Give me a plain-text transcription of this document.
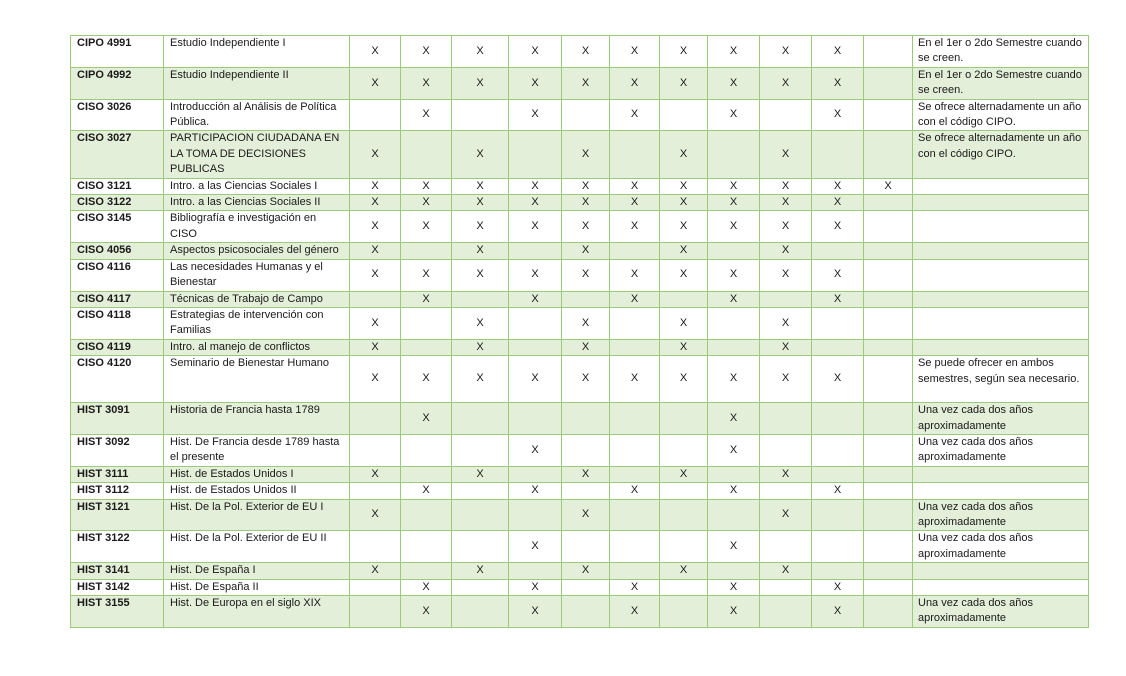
CIPO 4991	Estudio Independiente I	X	X	X	X	X	X	X	X	X	X		En el 1er o 2do Semestre cuando se creen.
CIPO 4992	Estudio Independiente II	X	X	X	X	X	X	X	X	X	X		En el 1er o 2do Semestre cuando se creen.
CISO 3026	Introducción al Análisis de Política Pública.		X		X		X		X		X		Se ofrece alternadamente un año con el código CIPO.
CISO 3027	PARTICIPACION CIUDADANA EN LA TOMA DE DECISIONES PUBLICAS	X		X		X		X		X			Se ofrece alternadamente un año con el código CIPO.
CISO 3121	Intro. a las Ciencias Sociales I	X	X	X	X	X	X	X	X	X	X	X	
CISO 3122	Intro. a las Ciencias Sociales II	X	X	X	X	X	X	X	X	X	X		
CISO 3145	Bibliografía e investigación en CISO	X	X	X	X	X	X	X	X	X	X		
CISO 4056	Aspectos psicosociales del género	X		X		X		X		X			
CISO 4116	Las necesidades Humanas y el Bienestar	X	X	X	X	X	X	X	X	X	X		
CISO 4117	Técnicas de Trabajo de Campo		X		X		X		X		X		
CISO 4118	Estrategias de intervención con Familias	X		X		X		X		X			
CISO 4119	Intro. al manejo de conflictos	X		X		X		X		X			
CISO 4120	Seminario de Bienestar Humano	X	X	X	X	X	X	X	X	X	X		Se puede ofrecer en ambos semestres, según sea necesario.
HIST 3091	Historia de Francia hasta 1789		X						X				Una vez cada dos años aproximadamente
HIST 3092	Hist. De Francia desde 1789 hasta el presente				X				X				Una vez cada dos años aproximadamente
HIST 3111	Hist. de Estados Unidos I	X		X		X		X		X			
HIST 3112	Hist. de Estados Unidos II		X		X		X		X		X		
HIST 3121	Hist. De la Pol. Exterior de EU I	X				X				X			Una vez cada dos años aproximadamente
HIST 3122	Hist. De la Pol. Exterior de EU II				X				X				Una vez cada dos años aproximadamente
HIST 3141	Hist. De España I	X		X		X		X		X			
HIST 3142	Hist. De España II		X		X		X		X		X		
HIST 3155	Hist. De Europa en el siglo XIX		X		X		X		X		X		Una vez cada dos años aproximadamente
